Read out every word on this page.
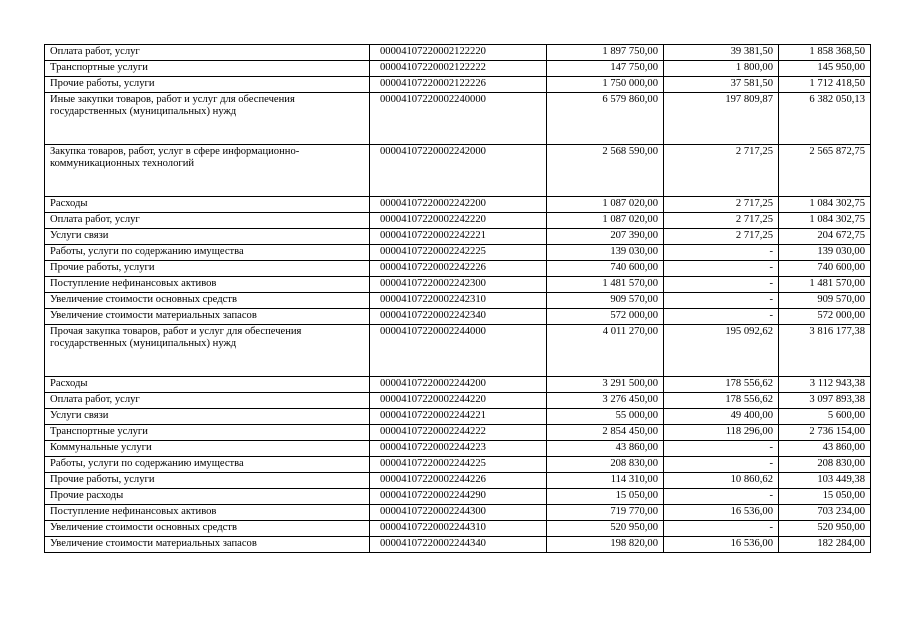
Оплата работ, услуг	00004107220002122220	1 897 750,00	39 381,50	1 858 368,50
Транспортные услуги	00004107220002122222	147 750,00	1 800,00	145 950,00
Прочие работы, услуги	00004107220002122226	1 750 000,00	37 581,50	1 712 418,50
Иные закупки товаров, работ и услуг для обеспечения государственных (муниципальных) нужд	00004107220002240000	6 579 860,00	197 809,87	6 382 050,13
Закупка товаров, работ, услуг в сфере информационно-коммуникационных технологий	00004107220002242000	2 568 590,00	2 717,25	2 565 872,75
Расходы	00004107220002242200	1 087 020,00	2 717,25	1 084 302,75
Оплата работ, услуг	00004107220002242220	1 087 020,00	2 717,25	1 084 302,75
Услуги связи	00004107220002242221	207 390,00	2 717,25	204 672,75
Работы, услуги по содержанию имущества	00004107220002242225	139 030,00	-	139 030,00
Прочие работы, услуги	00004107220002242226	740 600,00	-	740 600,00
Поступление нефинансовых активов	00004107220002242300	1 481 570,00	-	1 481 570,00
Увеличение стоимости основных средств	00004107220002242310	909 570,00	-	909 570,00
Увеличение стоимости материальных запасов	00004107220002242340	572 000,00	-	572 000,00
Прочая закупка товаров, работ и услуг для обеспечения государственных (муниципальных) нужд	00004107220002244000	4 011 270,00	195 092,62	3 816 177,38
Расходы	00004107220002244200	3 291 500,00	178 556,62	3 112 943,38
Оплата работ, услуг	00004107220002244220	3 276 450,00	178 556,62	3 097 893,38
Услуги связи	00004107220002244221	55 000,00	49 400,00	5 600,00
Транспортные услуги	00004107220002244222	2 854 450,00	118 296,00	2 736 154,00
Коммунальные услуги	00004107220002244223	43 860,00	-	43 860,00
Работы, услуги по содержанию имущества	00004107220002244225	208 830,00	-	208 830,00
Прочие работы, услуги	00004107220002244226	114 310,00	10 860,62	103 449,38
Прочие расходы	00004107220002244290	15 050,00	-	15 050,00
Поступление нефинансовых активов	00004107220002244300	719 770,00	16 536,00	703 234,00
Увеличение стоимости основных средств	00004107220002244310	520 950,00	-	520 950,00
Увеличение стоимости материальных запасов	00004107220002244340	198 820,00	16 536,00	182 284,00
